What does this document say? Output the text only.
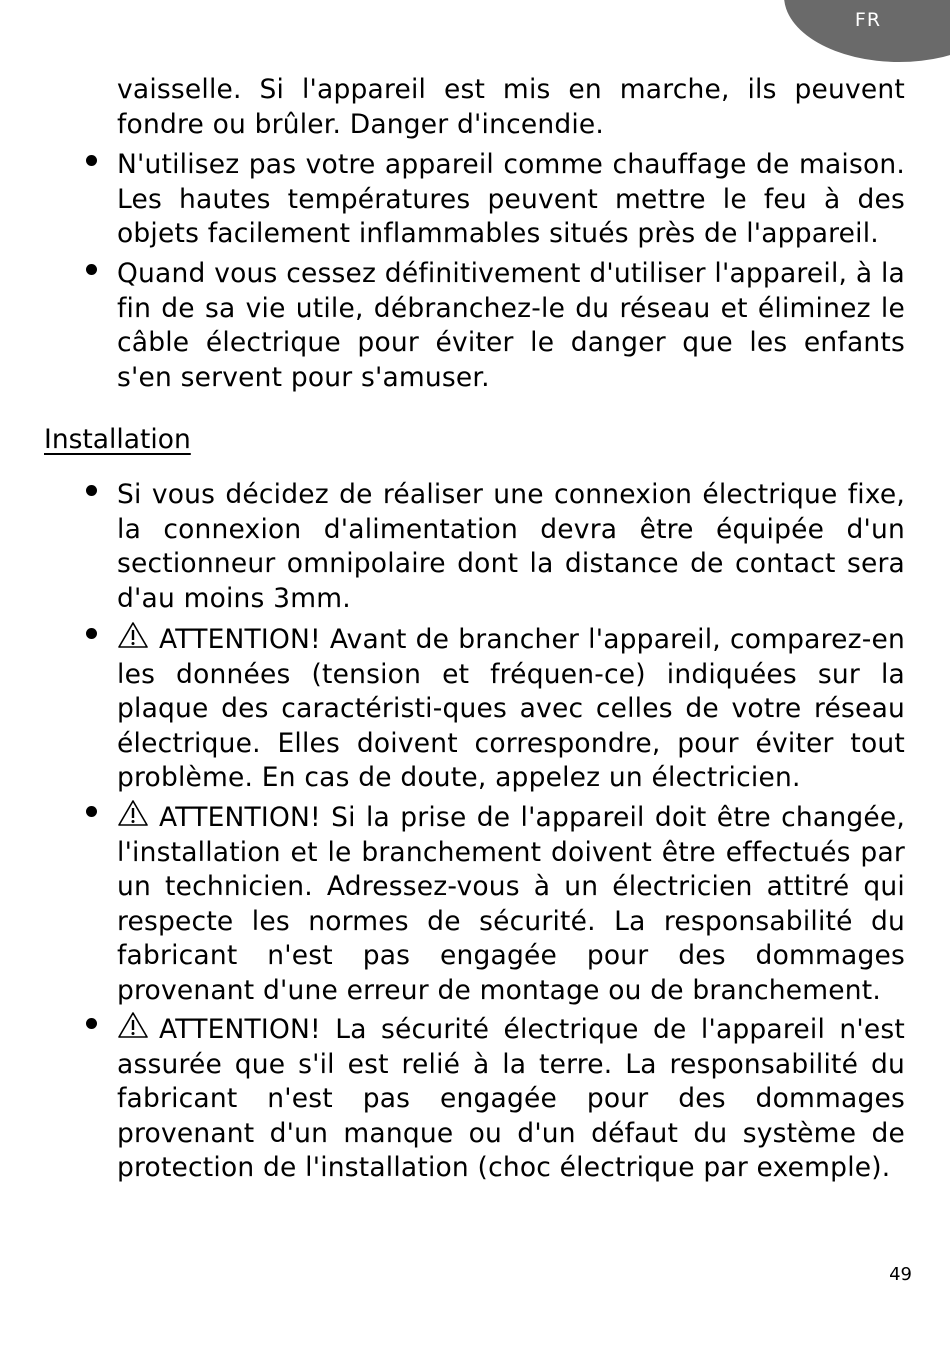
FR

vaisselle. Si l'appareil est mis en marche, ils peuvent fondre ou brûler. Danger d'incendie.

N'utilisez pas votre appareil comme chauffage de maison. Les hautes températures peuvent mettre le feu à des objets facilement inflammables situés près de l'appareil.

Quand vous cessez définitivement d'utiliser l'appareil, à la fin de sa vie utile, débranchez-le du réseau et éliminez le câble électrique pour éviter le danger que les enfants s'en servent pour s'amuser.

Installation

Si vous décidez de réaliser une connexion électrique fixe, la connexion d'alimentation devra être équipée d'un sectionneur omnipolaire dont la distance de contact sera d'au moins 3mm.

ATTENTION! Avant de brancher l'appareil, comparez-en les données (tension et fréquen-ce) indiquées sur la plaque des caractéristi-ques avec celles de votre réseau électrique. Elles doivent correspondre, pour éviter tout problème. En cas de doute, appelez un électricien.

ATTENTION! Si la prise de l'appareil doit être changée, l'installation et le branchement doivent être effectués par un technicien. Adressez-vous à un électricien attitré qui respecte les normes de sécurité. La responsabilité du fabricant n'est pas engagée pour des dommages provenant d'une erreur de montage ou de branchement.

ATTENTION! La sécurité électrique de l'appareil n'est assurée que s'il est relié à la terre. La responsabilité du fabricant n'est pas engagée pour des dommages provenant d'un manque ou d'un défaut du système de protection de l'installation (choc électrique par exemple).

49
